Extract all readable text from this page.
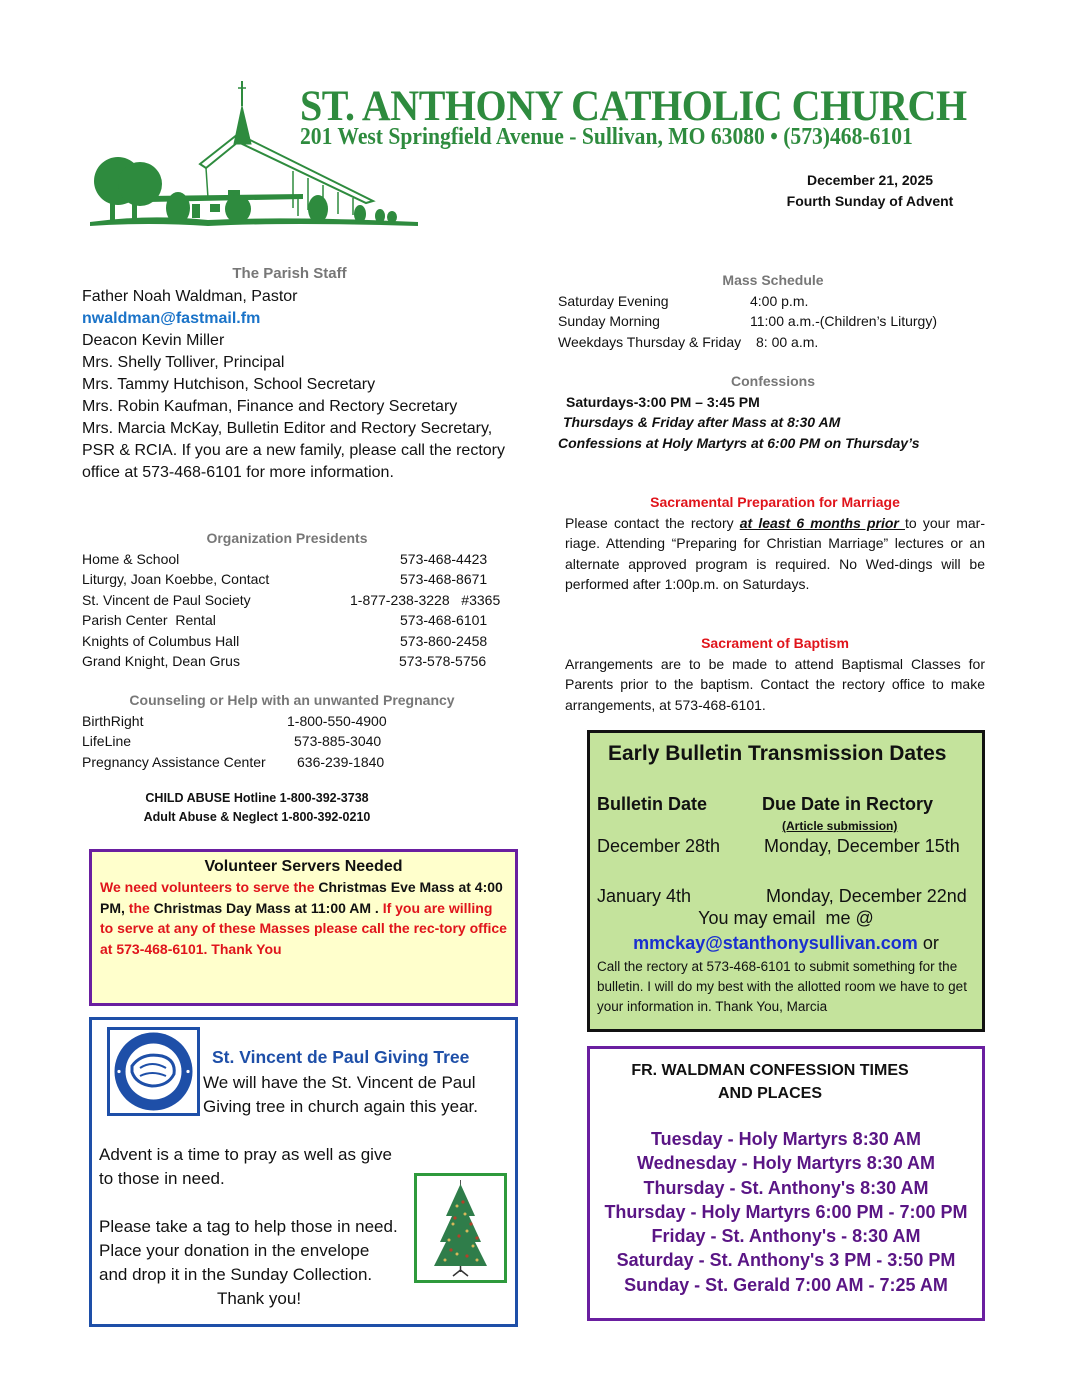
ST. ANTHONY CATHOLIC CHURCH
201 West Springfield Avenue - Sullivan, MO 63080 • (573)468-6101
December 21, 2025
Fourth Sunday of Advent
The Parish Staff
Father Noah Waldman, Pastor
nwaldman@fastmail.fm
Deacon Kevin Miller
Mrs. Shelly Tolliver, Principal
Mrs. Tammy Hutchison, School Secretary
Mrs. Robin Kaufman, Finance and Rectory Secretary
Mrs. Marcia McKay, Bulletin Editor and Rectory Secretary,
PSR & RCIA. If you are a new family, please call the rectory
office at 573-468-6101 for more information.
Organization Presidents
Home & School	573-468-4423
Liturgy, Joan Koebbe, Contact	573-468-8671
St. Vincent de Paul Society	1-877-238-3228   #3365
Parish Center  Rental	573-468-6101
Knights of Columbus Hall	573-860-2458
Grand Knight, Dean Grus	573-578-5756
Counseling or Help with an unwanted Pregnancy
BirthRight	1-800-550-4900
LifeLine	573-885-3040
Pregnancy Assistance Center 636-239-1840
CHILD ABUSE Hotline 1-800-392-3738
Adult Abuse & Neglect 1-800-392-0210
Volunteer Servers Needed

We need volunteers to serve the Christmas Eve Mass at 4:00 PM, the Christmas Day Mass at 11:00 AM . If you are willing to serve at any of these Masses please call the rec-tory office at 573-468-6101. Thank You

St. Vincent de Paul Giving Tree
We will have the St. Vincent de Paul Giving tree in church again this year.
Advent is a time to pray as well as give
to those in need.
Please take a tag to help those in need.
Place your donation in the envelope
and drop it in the Sunday Collection.
Thank you!
Mass Schedule
Saturday Evening	4:00 p.m.
Sunday Morning	11:00 a.m.-(Children’s Liturgy)
Weekdays Thursday & Friday 8: 00 a.m.
Confessions
Saturdays-3:00 PM – 3:45 PM
Thursdays & Friday after Mass at 8:30 AM
Confessions at Holy Martyrs at 6:00 PM on Thursday’s
Sacramental Preparation for Marriage

Please contact the rectory at least 6 months prior to your mar-riage. Attending “Preparing for Christian Marriage” lectures or an alternate approved program is required. No Wed-dings will be performed after 1:00p.m. on Saturdays.

Sacrament of Baptism

Arrangements are to be made to attend Baptismal Classes for Parents prior to the baptism. Contact the rectory office to make arrangements, at 573-468-6101.

Early Bulletin Transmission Dates
Bulletin Date	Due Date in Rectory
(Article submission)
December 28th Monday, December 15th
January 4th	Monday, December 22nd
You may email  me @
mmckay@stanthonysullivan.com or
Call the rectory at 573-468-6101 to submit something for the bulletin. I will do my best with the allotted room we have to get your information in. Thank You, Marcia
FR. WALDMAN CONFESSION TIMES
AND PLACES
Tuesday - Holy Martyrs 8:30 AM
Wednesday - Holy Martyrs 8:30 AM
Thursday - St. Anthony's 8:30 AM
Thursday - Holy Martyrs 6:00 PM - 7:00 PM
Friday - St. Anthony's - 8:30 AM
Saturday - St. Anthony's 3 PM - 3:50 PM
Sunday - St. Gerald 7:00 AM - 7:25 AM
